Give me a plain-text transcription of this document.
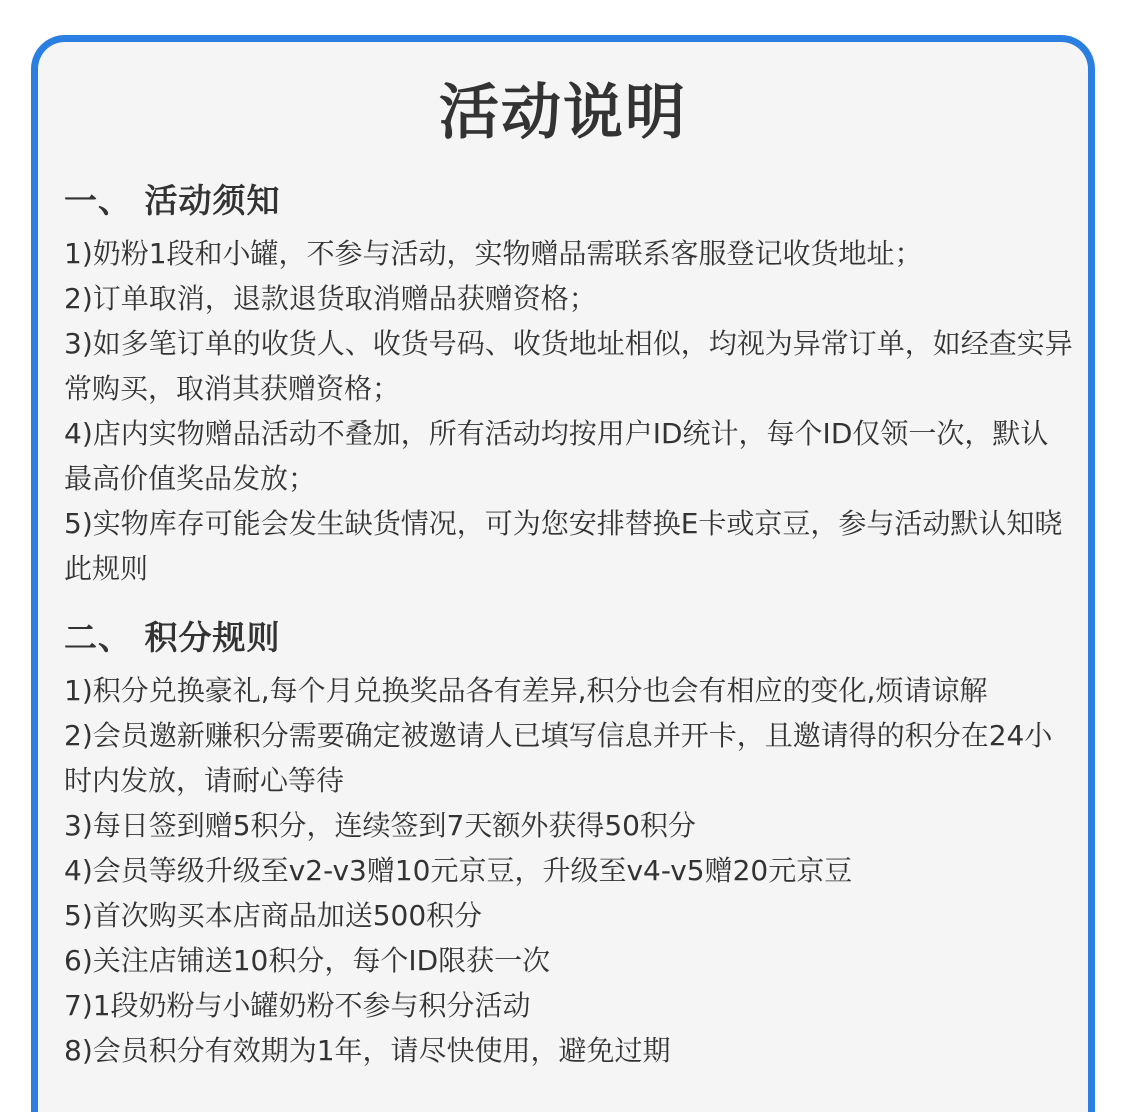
活动说明
一、 活动须知

1)奶粉1段和小罐，不参与活动，实物赠品需联系客服登记收货地址；

2)订单取消，退款退货取消赠品获赠资格；

3)如多笔订单的收货人、收货号码、收货地址相似，均视为异常订单，如经查实异常购买，取消其获赠资格；

4)店内实物赠品活动不叠加，所有活动均按用户ID统计，每个ID仅领一次，默认最高价值奖品发放；

5)实物库存可能会发生缺货情况，可为您安排替换E卡或京豆，参与活动默认知晓此规则

二、 积分规则

1)积分兑换豪礼,每个月兑换奖品各有差异,积分也会有相应的变化,烦请谅解

2)会员邀新赚积分需要确定被邀请人已填写信息并开卡，且邀请得的积分在24小时内发放，请耐心等待

3)每日签到赠5积分，连续签到7天额外获得50积分

4)会员等级升级至v2-v3赠10元京豆，升级至v4-v5赠20元京豆

5)首次购买本店商品加送500积分

6)关注店铺送10积分，每个ID限获一次

7)1段奶粉与小罐奶粉不参与积分活动

8)会员积分有效期为1年，请尽快使用，避免过期
